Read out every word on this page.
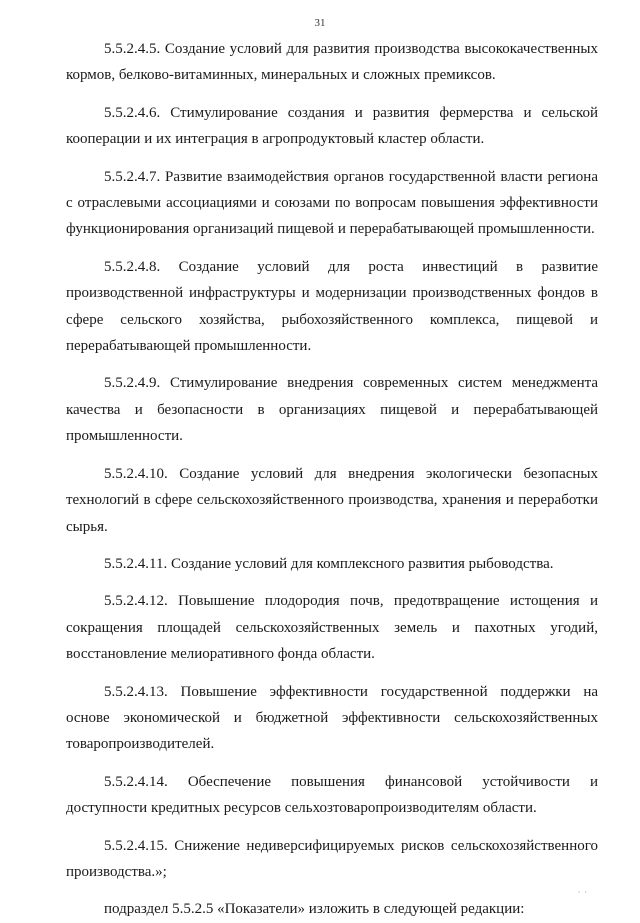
31

5.5.2.4.5. Создание условий для развития производства высококачественных кормов, белково-витаминных, минеральных и сложных премиксов.

5.5.2.4.6. Стимулирование создания и развития фермерства и сельской кооперации и их интеграция в агропродуктовый кластер области.

5.5.2.4.7. Развитие взаимодействия органов государственной власти региона с отраслевыми ассоциациями и союзами по вопросам повышения эффективности функционирования организаций пищевой и перерабатывающей промышленности.

5.5.2.4.8. Создание условий для роста инвестиций в развитие производственной инфраструктуры и модернизации производственных фондов в сфере сельского хозяйства, рыбохозяйственного комплекса, пищевой и перерабатывающей промышленности.

5.5.2.4.9. Стимулирование внедрения современных систем менеджмента качества и безопасности в организациях пищевой и перерабатывающей промышленности.

5.5.2.4.10. Создание условий для внедрения экологически безопасных технологий в сфере сельскохозяйственного производства, хранения и переработки сырья.

5.5.2.4.11. Создание условий для комплексного развития рыбоводства.

5.5.2.4.12. Повышение плодородия почв, предотвращение истощения и сокращения площадей сельскохозяйственных земель и пахотных угодий, восстановление мелиоративного фонда области.

5.5.2.4.13. Повышение эффективности государственной поддержки на основе экономической и бюджетной эффективности сельскохозяйственных товаропроизводителей.

5.5.2.4.14. Обеспечение повышения финансовой устойчивости и доступности кредитных ресурсов сельхозтоваропроизводителям области.

5.5.2.4.15. Снижение недиверсифицируемых рисков сельскохозяйственного производства.»;

подраздел 5.5.2.5 «Показатели» изложить в следующей редакции:

· ·
